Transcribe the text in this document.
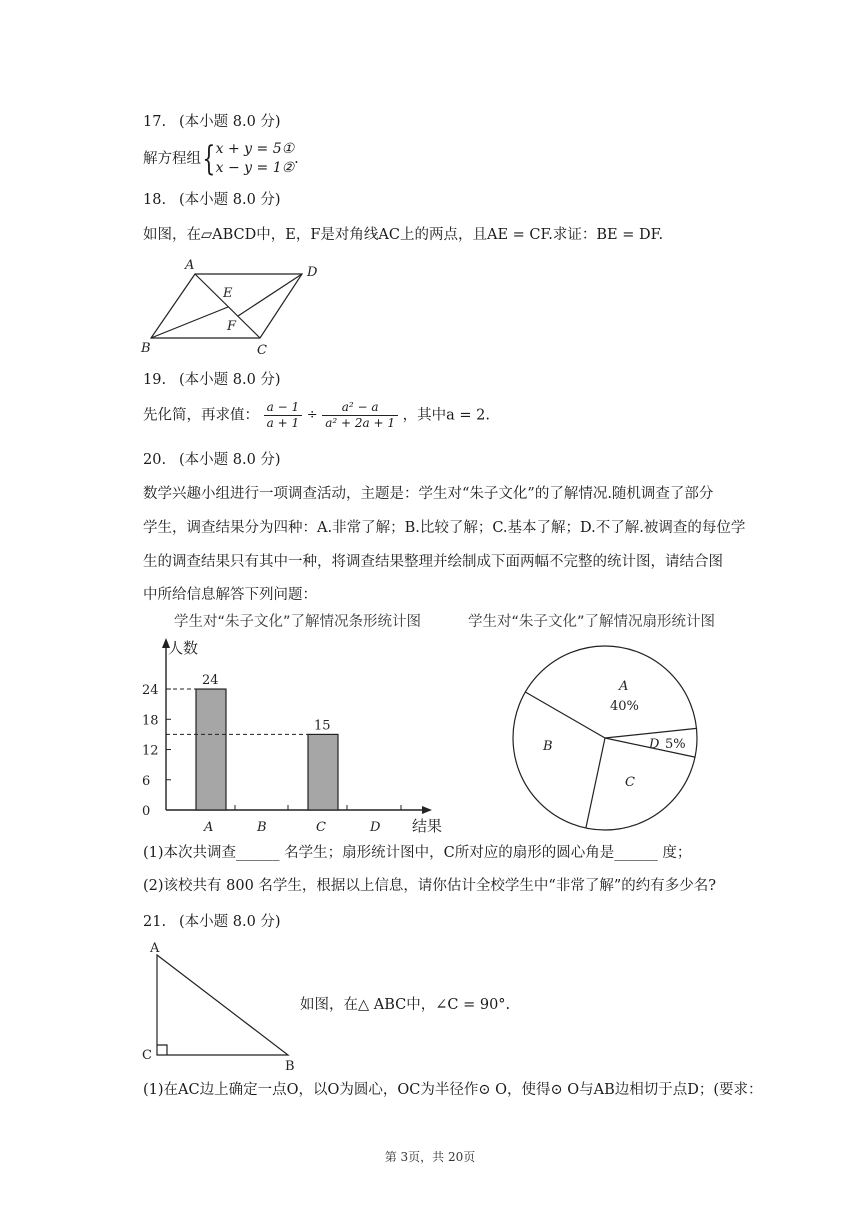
17. (本小题 8.0 分)
解方程组{ x + y = 5①
x − y = 1②
.
18. (本小题 8.0 分)
如图，在▱ABCD中，E，F是对角线AC上的两点，且AE = CF.求证：BE = DF.
A	D
E
F
B	C
19. (本小题 8.0 分)
先化简，再求值： $\frac{a - 1}{a + 1} \div \frac{\text{a² − a}}{\text{a² + 2a + 1}}$ ，其中a = 2.
20. (本小题 8.0 分)
数学兴趣小组进行一项调查活动，主题是：学生对“朱子文化”的了解情况.随机调查了部分
学生，调查结果分为四种：A.非常了解；B.比较了解；C.基本了解；D.不了解.被调查的每位学
生的调查结果只有其中一种，将调查结果整理并绘制成下面两幅不完整的统计图，请结合图
中所给信息解答下列问题：
学生对“朱子文化”了解情况条形统计图
人数
结果
0
6
12
18
24
A	B	C	D
24
15
学生对“朱子文化”了解情况扇形统计图
A
40%
D 5%
C
B
(1)本次共调查______ 名学生；扇形统计图中，C所对应的扇形的圆心角是______ 度；
(2)该校共有 800 名学生，根据以上信息，请你估计全校学生中“非常了解”的约有多少名?
21. (本小题 8.0 分)
A
C
B
如图，在△ ABC中，∠C = 90°.
(1)在AC边上确定一点O，以O为圆心，OC为半径作⊙ O，使得⊙ O与AB边相切于点D；(要求：
第 3页，共 20页
